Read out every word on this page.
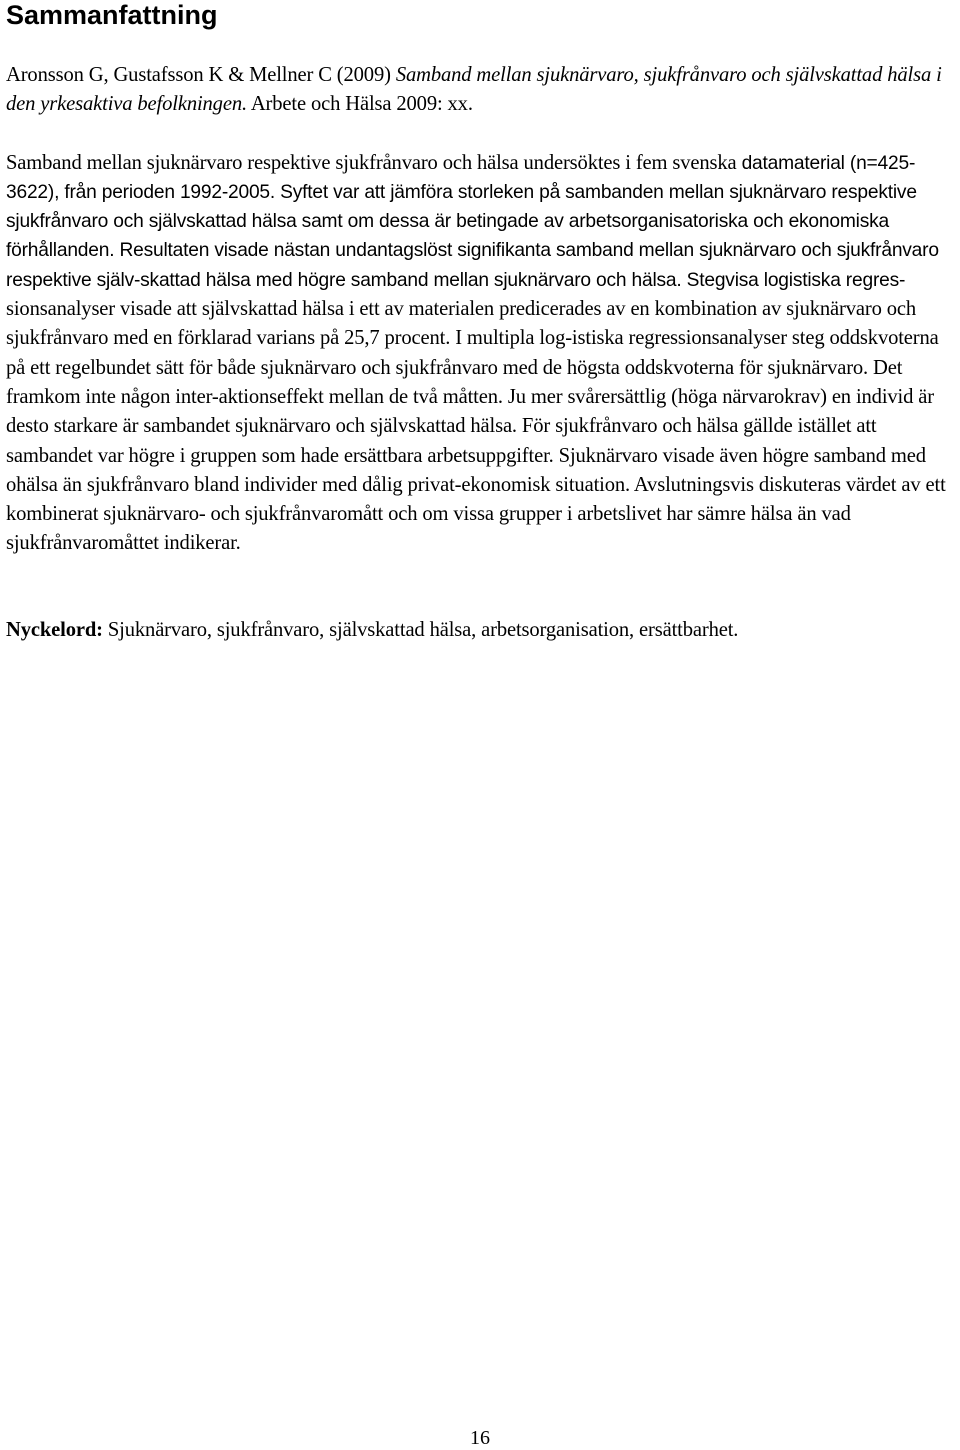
Sammanfattning

Aronsson G, Gustafsson K & Mellner C (2009) Samband mellan sjuknärvaro, sjukfrånvaro och självskattad hälsa i den yrkesaktiva befolkningen. Arbete och Hälsa 2009: xx.

Samband mellan sjuknärvaro respektive sjukfrånvaro och hälsa undersöktes i fem svenska datamaterial (n=425-3622), från perioden 1992-2005. Syftet var att jämföra storleken på sambanden mellan sjuknärvaro respektive sjukfrånvaro och självskattad hälsa samt om dessa är betingade av arbetsorganisatoriska och ekonomiska förhållanden. Resultaten visade nästan undantagslöst signifikanta samband mellan sjuknärvaro och sjukfrånvaro respektive själv-skattad hälsa med högre samband mellan sjuknärvaro och hälsa. Stegvisa logistiska regres-sionsanalyser visade att självskattad hälsa i ett av materialen predicerades av en kombination av sjuknärvaro och sjukfrånvaro med en förklarad varians på 25,7 procent. I multipla log-istiska regressionsanalyser steg oddskvoterna på ett regelbundet sätt för både sjuknärvaro och sjukfrånvaro med de högsta oddskvoterna för sjuknärvaro. Det framkom inte någon inter-aktionseffekt mellan de två måtten. Ju mer svårersättlig (höga närvarokrav) en individ är desto starkare är sambandet sjuknärvaro och självskattad hälsa. För sjukfrånvaro och hälsa gällde istället att sambandet var högre i gruppen som hade ersättbara arbetsuppgifter. Sjuknärvaro visade även högre samband med ohälsa än sjukfrånvaro bland individer med dålig privat-ekonomisk situation. Avslutningsvis diskuteras värdet av ett kombinerat sjuknärvaro- och sjukfrånvaromått och om vissa grupper i arbetslivet har sämre hälsa än vad sjukfrånvaromåttet indikerar.

Nyckelord: Sjuknärvaro, sjukfrånvaro, självskattad hälsa, arbetsorganisation, ersättbarhet.

16
